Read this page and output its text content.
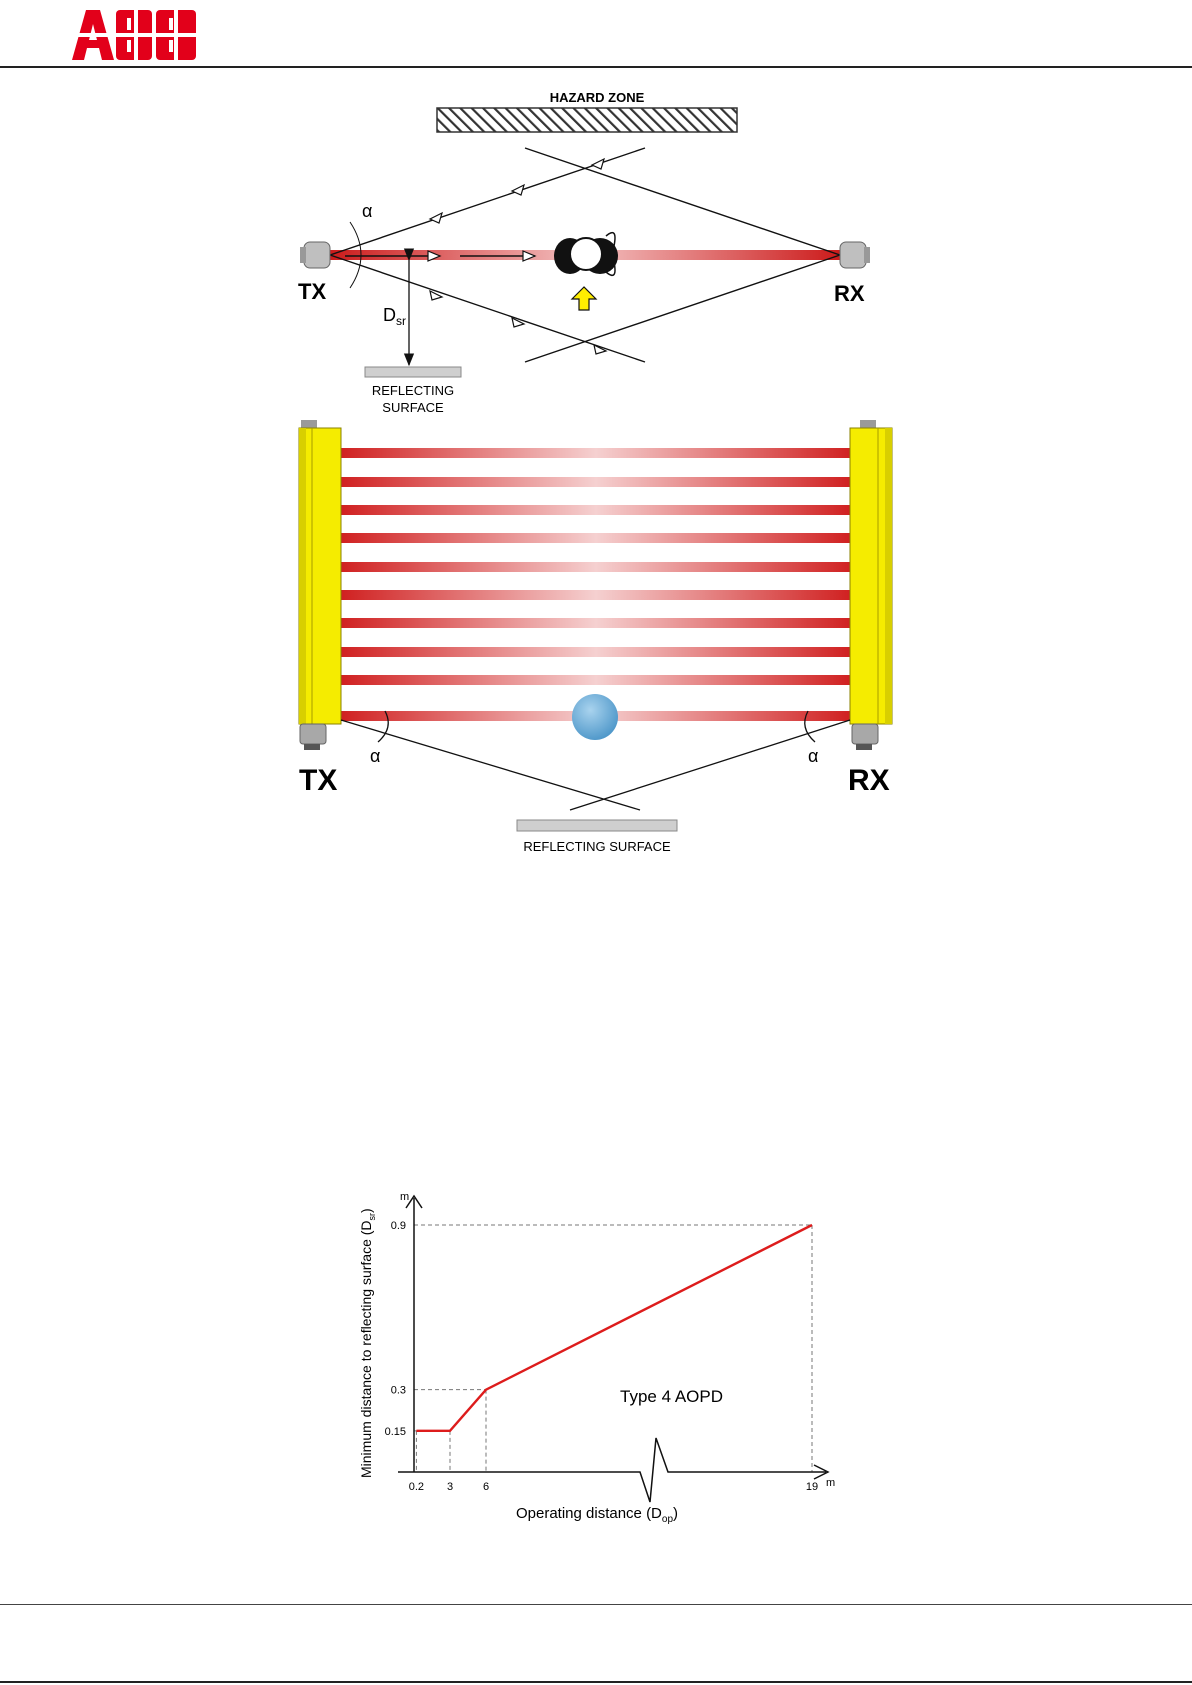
HAZARD ZONE
α
TX	RX
$D_{sr}$
REFLECTING
SURFACE
α	α
TX	RX
REFLECTING SURFACE
0.15
0.3
0.9
0.2 3	6	19
m
m
Minimum distance to reflecting surface $(D_{sr})$
Operating distance $(D_{op})$
Type 4 AOPD
